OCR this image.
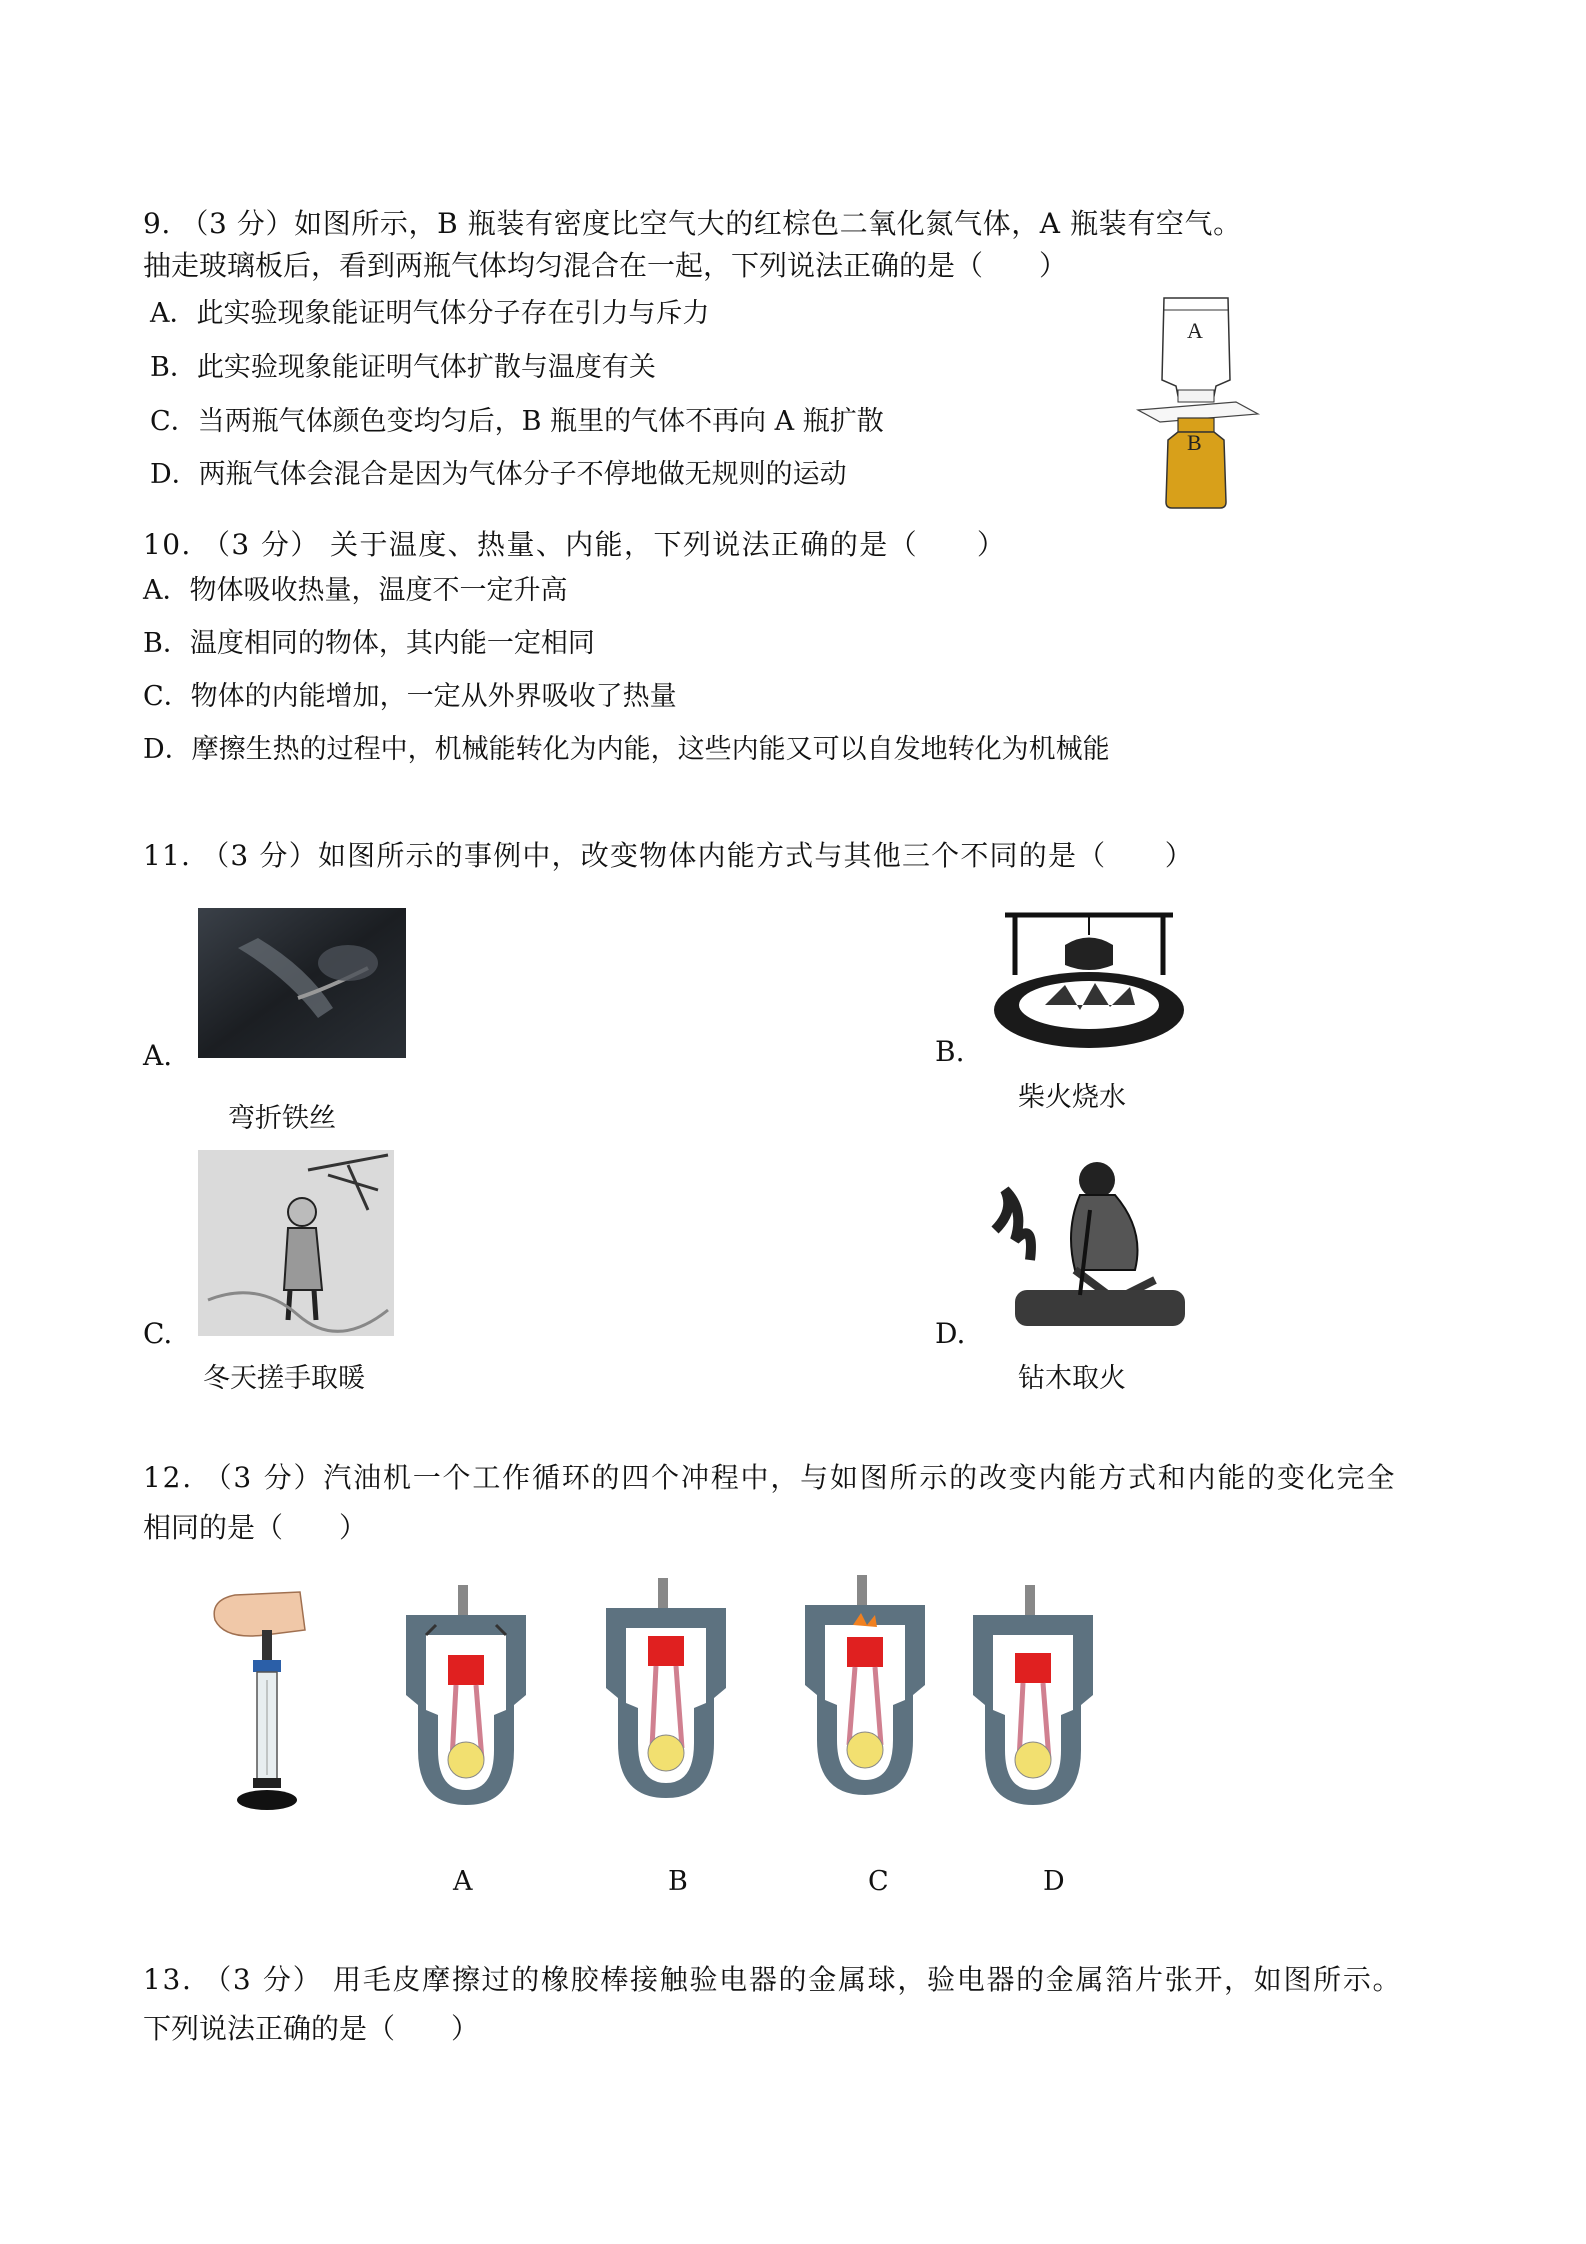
9. （3 分）如图所示，B 瓶装有密度比空气大的红棕色二氧化氮气体，A 瓶装有空气。
抽走玻璃板后，看到两瓶气体均匀混合在一起，下列说法正确的是（　　）
A．此实验现象能证明气体分子存在引力与斥力
B．此实验现象能证明气体扩散与温度有关
C．当两瓶气体颜色变均匀后，B 瓶里的气体不再向 A 瓶扩散
D．两瓶气体会混合是因为气体分子不停地做无规则的运动
A
B
10. （3 分） 关于温度、热量、内能，下列说法正确的是（　　）
A．物体吸收热量，温度不一定升高
B．温度相同的物体，其内能一定相同
C．物体的内能增加，一定从外界吸收了热量
D．摩擦生热的过程中，机械能转化为内能，这些内能又可以自发地转化为机械能
11. （3 分）如图所示的事例中，改变物体内能方式与其他三个不同的是（　　）
A.
弯折铁丝
B.
柴火烧水
C.
冬天搓手取暖
D.
钻木取火
12. （3 分）汽油机一个工作循环的四个冲程中，与如图所示的改变内能方式和内能的变化完全
相同的是（　　）
A	B	C	D
13. （3 分） 用毛皮摩擦过的橡胶棒接触验电器的金属球，验电器的金属箔片张开，如图所示。
下列说法正确的是（　　）
